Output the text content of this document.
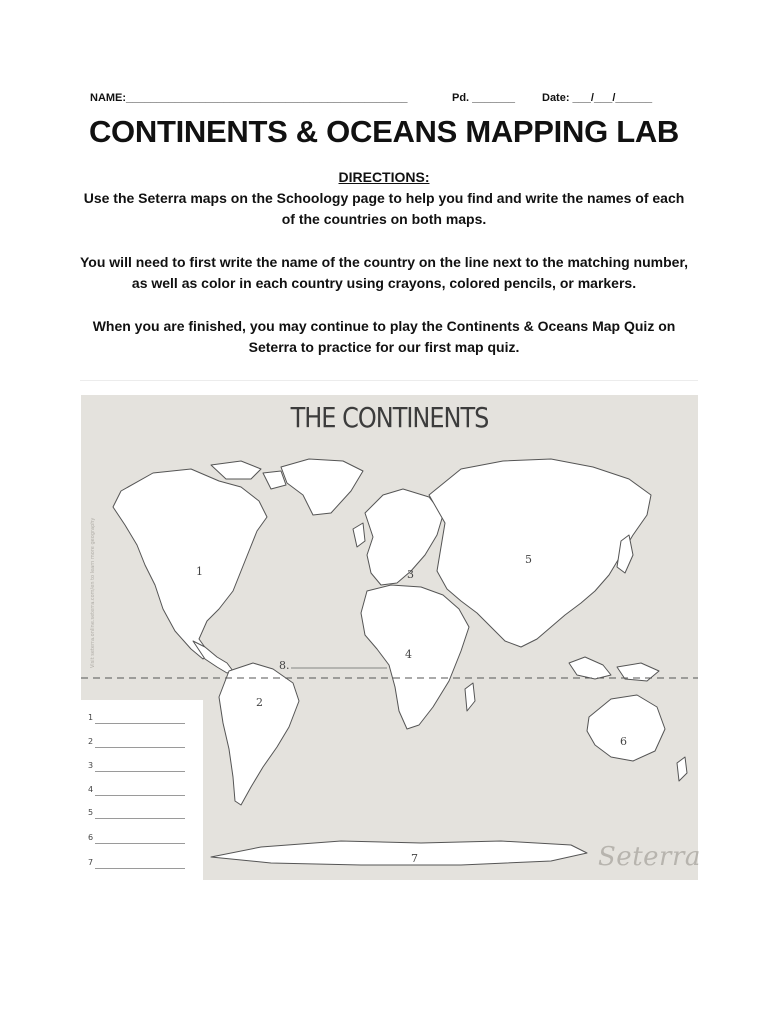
NAME:______________________________________________	Pd. _______ Date: ___/___/______
CONTINENTS & OCEANS MAPPING LAB
DIRECTIONS:
Use the Seterra maps on the Schoology page to help you find and write the names of each of the countries on both maps.
You will need to first write the name of the country on the line next to the matching number, as well as color in each country using crayons, colored pencils, or markers.
When you are finished, you may continue to play the Continents & Oceans Map Quiz on Seterra to practice for our first map quiz.
8.
1
2
3
4
5
6
7
THE CONTINENTS
Visit seterra.online.seterra.com/en to learn more geography
1
2
3
4
5
6
7	Seterra
